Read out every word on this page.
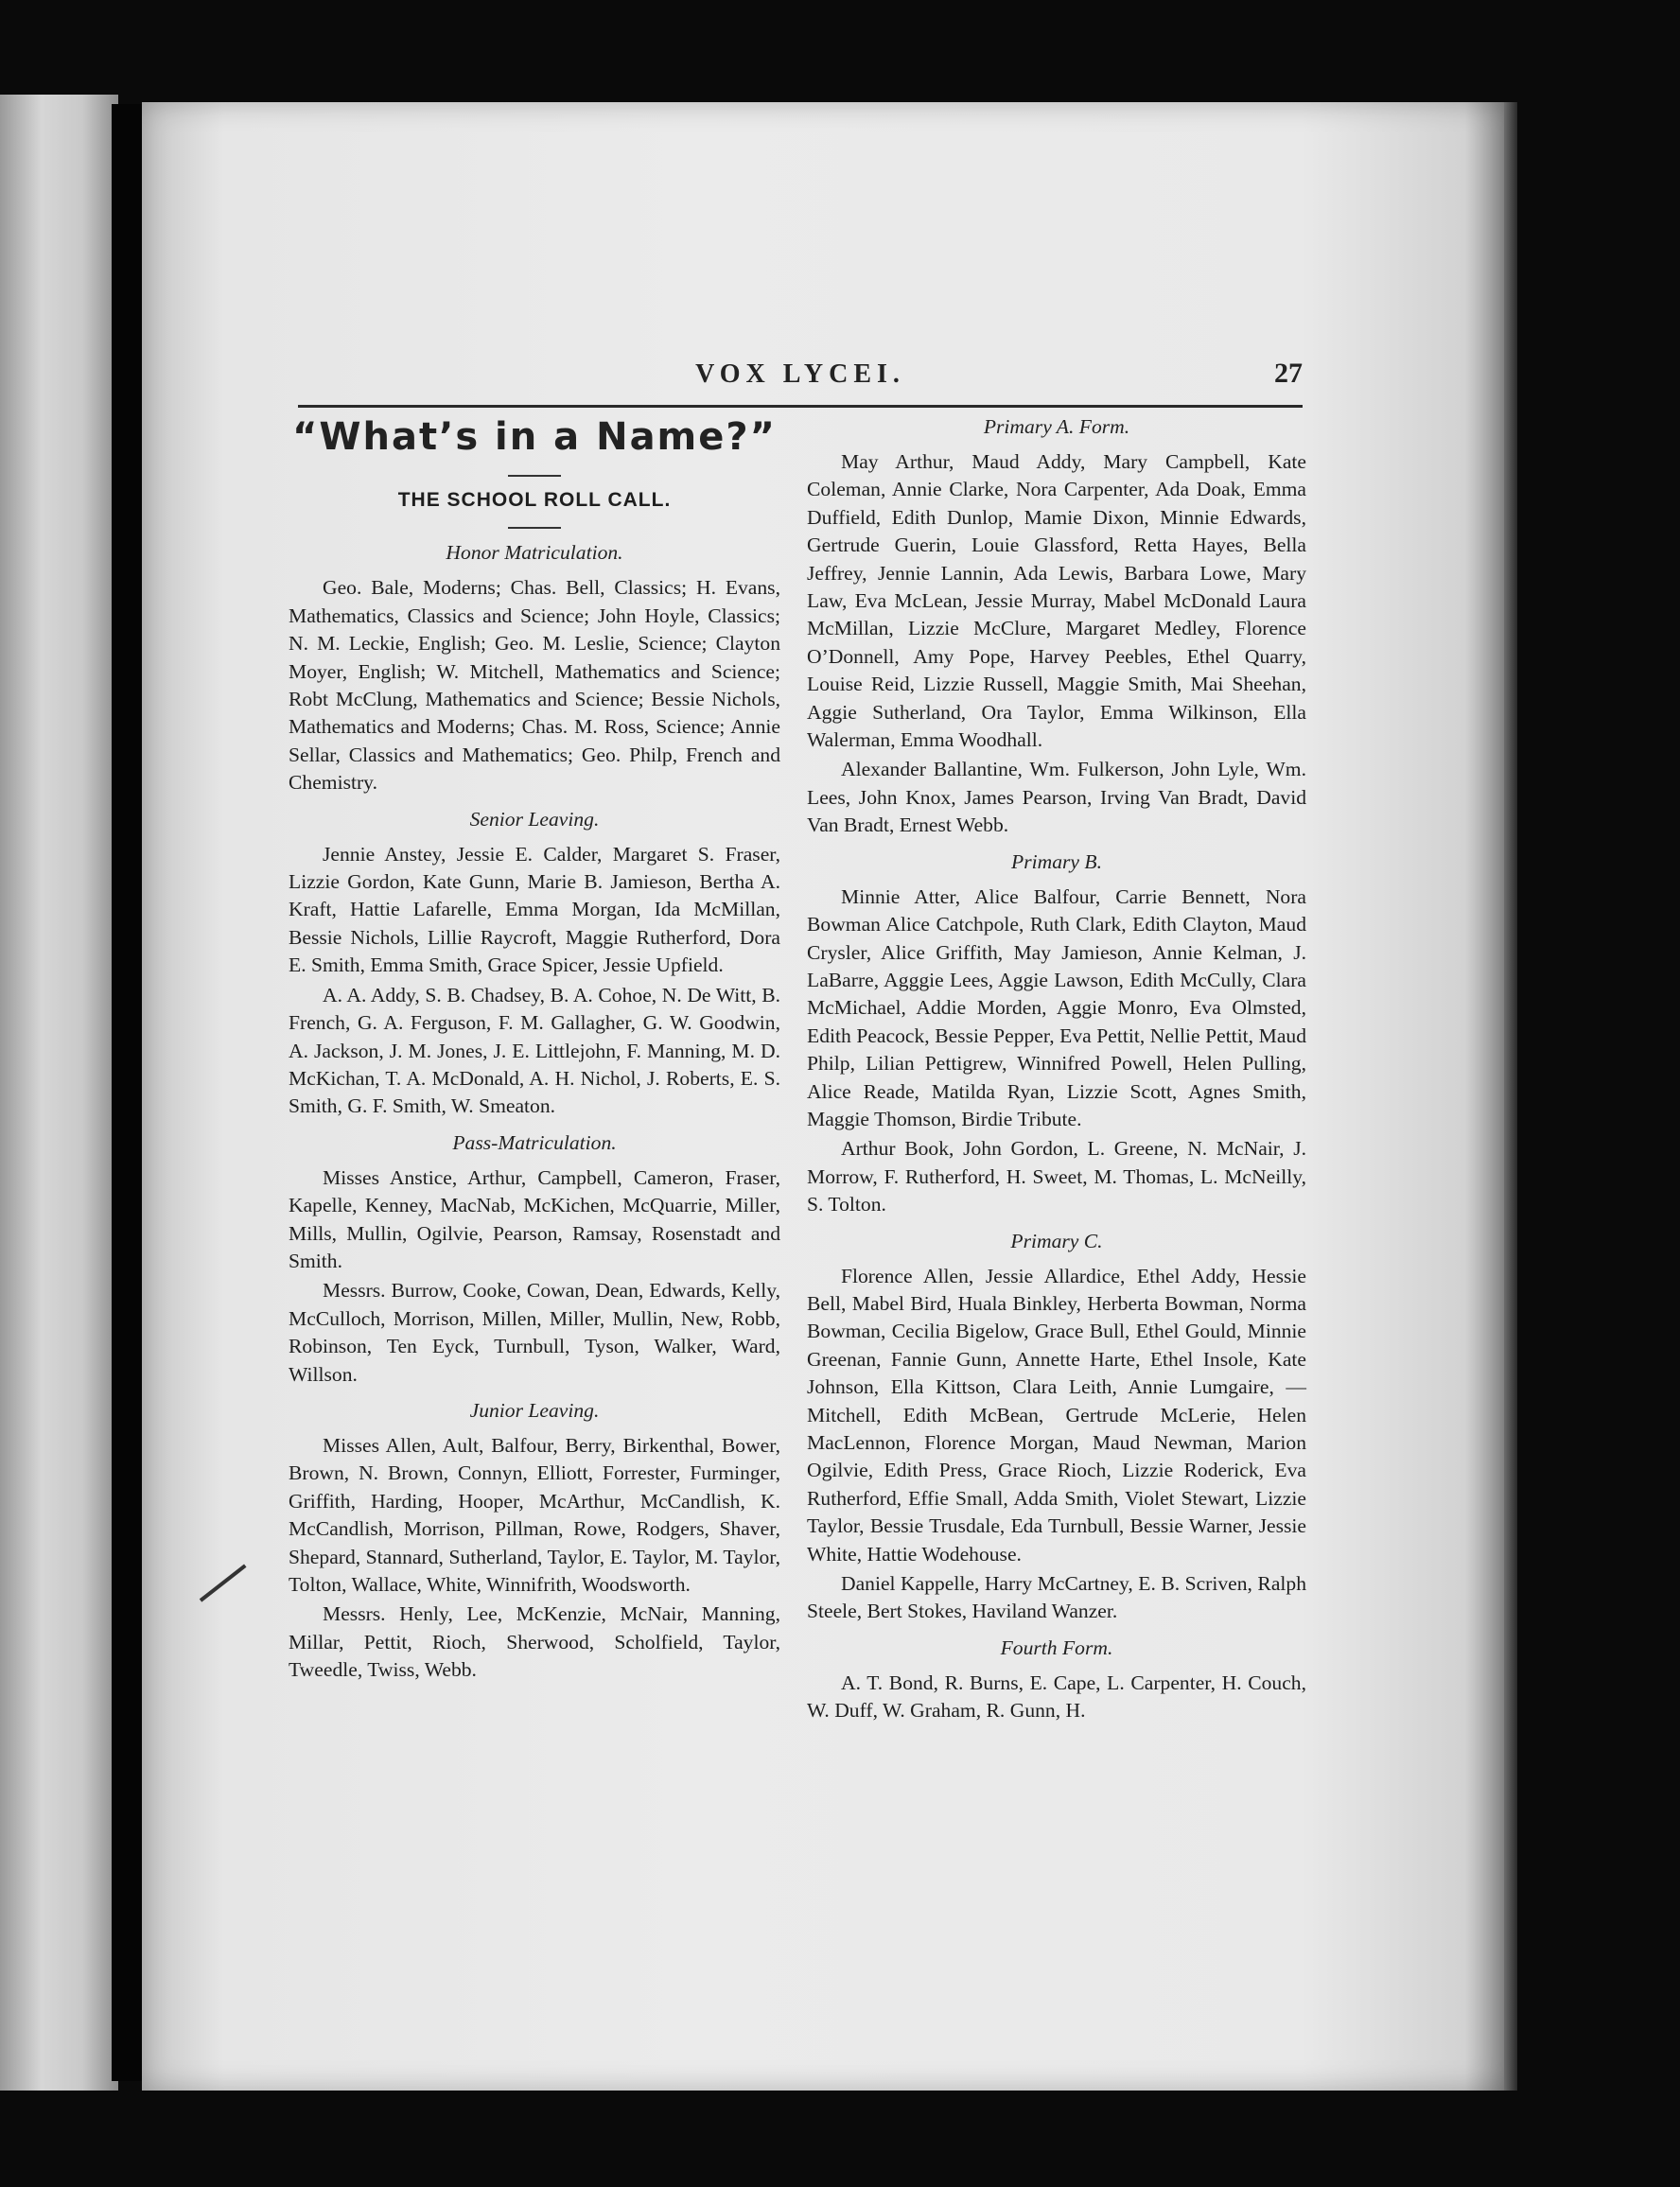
VOX LYCEI.	27
“What’s in a Name?”
THE SCHOOL ROLL CALL.
Honor Matriculation.

Geo. Bale, Moderns; Chas. Bell, Classics; H. Evans, Mathematics, Classics and Science; John Hoyle, Classics; N. M. Leckie, English; Geo. M. Leslie, Science; Clayton Moyer, English; W. Mitchell, Mathematics and Science; Robt McClung, Mathematics and Science; Bessie Nichols, Mathematics and Moderns; Chas. M. Ross, Science; Annie Sellar, Classics and Mathematics; Geo. Philp, French and Chemistry.

Senior Leaving.

Jennie Anstey, Jessie E. Calder, Margaret S. Fraser, Lizzie Gordon, Kate Gunn, Marie B. Jamieson, Bertha A. Kraft, Hattie Lafarelle, Emma Morgan, Ida McMillan, Bessie Nichols, Lillie Raycroft, Maggie Rutherford, Dora E. Smith, Emma Smith, Grace Spicer, Jessie Upfield.

A. A. Addy, S. B. Chadsey, B. A. Cohoe, N. De Witt, B. French, G. A. Ferguson, F. M. Gallagher, G. W. Goodwin, A. Jackson, J. M. Jones, J. E. Littlejohn, F. Manning, M. D. McKichan, T. A. McDonald, A. H. Nichol, J. Roberts, E. S. Smith, G. F. Smith, W. Smeaton.

Pass-Matriculation.

Misses Anstice, Arthur, Campbell, Cameron, Fraser, Kapelle, Kenney, MacNab, McKichen, McQuarrie, Miller, Mills, Mullin, Ogilvie, Pearson, Ramsay, Rosenstadt and Smith.

Messrs. Burrow, Cooke, Cowan, Dean, Edwards, Kelly, McCulloch, Morrison, Millen, Miller, Mullin, New, Robb, Robinson, Ten Eyck, Turnbull, Tyson, Walker, Ward, Willson.

Junior Leaving.

Misses Allen, Ault, Balfour, Berry, Birkenthal, Bower, Brown, N. Brown, Connyn, Elliott, Forrester, Furminger, Griffith, Harding, Hooper, McArthur, McCandlish, K. McCandlish, Morrison, Pillman, Rowe, Rodgers, Shaver, Shepard, Stannard, Sutherland, Taylor, E. Taylor, M. Taylor, Tolton, Wallace, White, Winnifrith, Woodsworth.

Messrs. Henly, Lee, McKenzie, McNair, Manning, Millar, Pettit, Rioch, Sherwood, Scholfield, Taylor, Tweedle, Twiss, Webb.

Primary A. Form.

May Arthur, Maud Addy, Mary Campbell, Kate Coleman, Annie Clarke, Nora Carpenter, Ada Doak, Emma Duffield, Edith Dunlop, Mamie Dixon, Minnie Edwards, Gertrude Guerin, Louie Glassford, Retta Hayes, Bella Jeffrey, Jennie Lannin, Ada Lewis, Barbara Lowe, Mary Law, Eva McLean, Jessie Murray, Mabel McDonald Laura McMillan, Lizzie McClure, Margaret Medley, Florence O’Donnell, Amy Pope, Harvey Peebles, Ethel Quarry, Louise Reid, Lizzie Russell, Maggie Smith, Mai Sheehan, Aggie Sutherland, Ora Taylor, Emma Wilkinson, Ella Walerman, Emma Woodhall.

Alexander Ballantine, Wm. Fulkerson, John Lyle, Wm. Lees, John Knox, James Pearson, Irving Van Bradt, David Van Bradt, Ernest Webb.

Primary B.

Minnie Atter, Alice Balfour, Carrie Bennett, Nora Bowman Alice Catchpole, Ruth Clark, Edith Clayton, Maud Crysler, Alice Griffith, May Jamieson, Annie Kelman, J. LaBarre, Agggie Lees, Aggie Lawson, Edith McCully, Clara McMichael, Addie Morden, Aggie Monro, Eva Olmsted, Edith Peacock, Bessie Pepper, Eva Pettit, Nellie Pettit, Maud Philp, Lilian Pettigrew, Winnifred Powell, Helen Pulling, Alice Reade, Matilda Ryan, Lizzie Scott, Agnes Smith, Maggie Thomson, Birdie Tribute.

Arthur Book, John Gordon, L. Greene, N. McNair, J. Morrow, F. Rutherford, H. Sweet, M. Thomas, L. McNeilly, S. Tolton.

Primary C.

Florence Allen, Jessie Allardice, Ethel Addy, Hessie Bell, Mabel Bird, Huala Binkley, Herberta Bowman, Norma Bowman, Cecilia Bigelow, Grace Bull, Ethel Gould, Minnie Greenan, Fannie Gunn, Annette Harte, Ethel Insole, Kate Johnson, Ella Kittson, Clara Leith, Annie Lumgaire, — Mitchell, Edith McBean, Gertrude McLerie, Helen MacLennon, Florence Morgan, Maud Newman, Marion Ogilvie, Edith Press, Grace Rioch, Lizzie Roderick, Eva Rutherford, Effie Small, Adda Smith, Violet Stewart, Lizzie Taylor, Bessie Trusdale, Eda Turnbull, Bessie Warner, Jessie White, Hattie Wodehouse.

Daniel Kappelle, Harry McCartney, E. B. Scriven, Ralph Steele, Bert Stokes, Haviland Wanzer.

Fourth Form.

A. T. Bond, R. Burns, E. Cape, L. Carpenter, H. Couch, W. Duff, W. Graham, R. Gunn, H.
